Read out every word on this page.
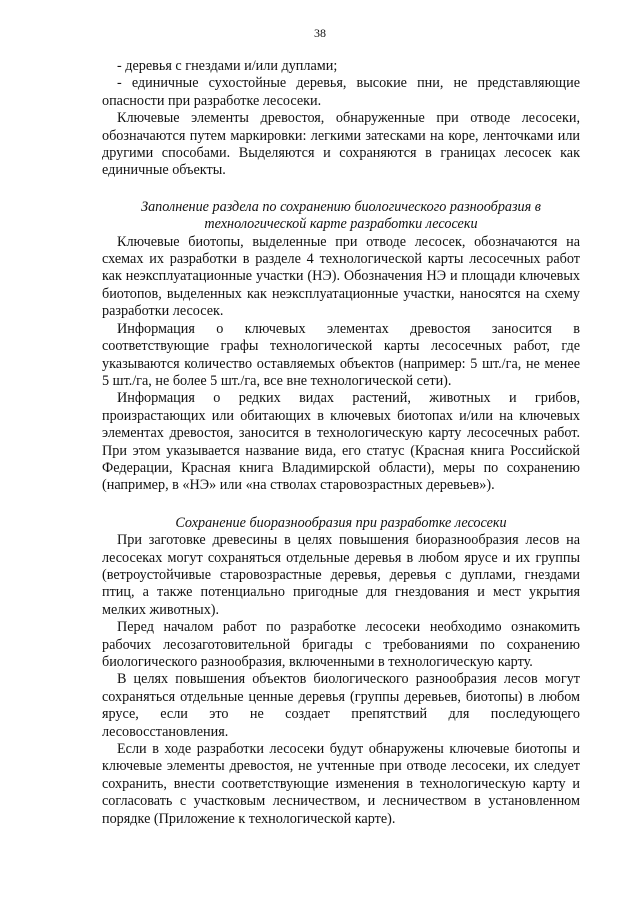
38

- деревья с гнездами и/или дуплами;

- единичные сухостойные деревья, высокие пни, не представляющие опасности при разработке лесосеки.

Ключевые элементы древостоя, обнаруженные при отводе лесосеки, обозначаются путем маркировки: легкими затесками на коре, ленточками или другими способами. Выделяются и сохраняются в границах лесосек как единичные объекты.

Заполнение раздела по сохранению биологического разнообразия в технологической карте разработки лесосеки

Ключевые биотопы, выделенные при отводе лесосек, обозначаются на схемах их разработки в разделе 4 технологической карты лесосечных работ как неэксплуатационные участки (НЭ). Обозначения НЭ и площади ключевых биотопов, выделенных как неэксплуатационные участки, наносятся на схему разработки лесосек.

Информация о ключевых элементах древостоя заносится в соответствующие графы технологической карты лесосечных работ, где указываются количество оставляемых объектов (например: 5 шт./га, не менее 5 шт./га, не более 5 шт./га, все вне технологической сети).

Информация о редких видах растений, животных и грибов, произрастающих или обитающих в ключевых биотопах и/или на ключевых элементах древостоя, заносится в технологическую карту лесосечных работ. При этом указывается название вида, его статус (Красная книга Российской Федерации, Красная книга Владимирской области), меры по сохранению (например, в «НЭ» или «на стволах старовозрастных деревьев»).

Сохранение биоразнообразия при разработке лесосеки

При заготовке древесины в целях повышения биоразнообразия лесов на лесосеках могут сохраняться отдельные деревья в любом ярусе и их группы (ветроустойчивые старовозрастные деревья, деревья с дуплами, гнездами птиц, а также потенциально пригодные для гнездования и мест укрытия мелких животных).

Перед началом работ по разработке лесосеки необходимо ознакомить рабочих лесозаготовительной бригады с требованиями по сохранению биологического разнообразия, включенными в технологическую карту.

В целях повышения объектов биологического разнообразия лесов могут сохраняться отдельные ценные деревья (группы деревьев, биотопы) в любом ярусе, если это не создает препятствий для последующего лесовосстановления.

Если в ходе разработки лесосеки будут обнаружены ключевые биотопы и ключевые элементы древостоя, не учтенные при отводе лесосеки, их следует сохранить, внести соответствующие изменения в технологическую карту и согласовать с участковым лесничеством, и лесничеством в установленном порядке (Приложение к технологической карте).
